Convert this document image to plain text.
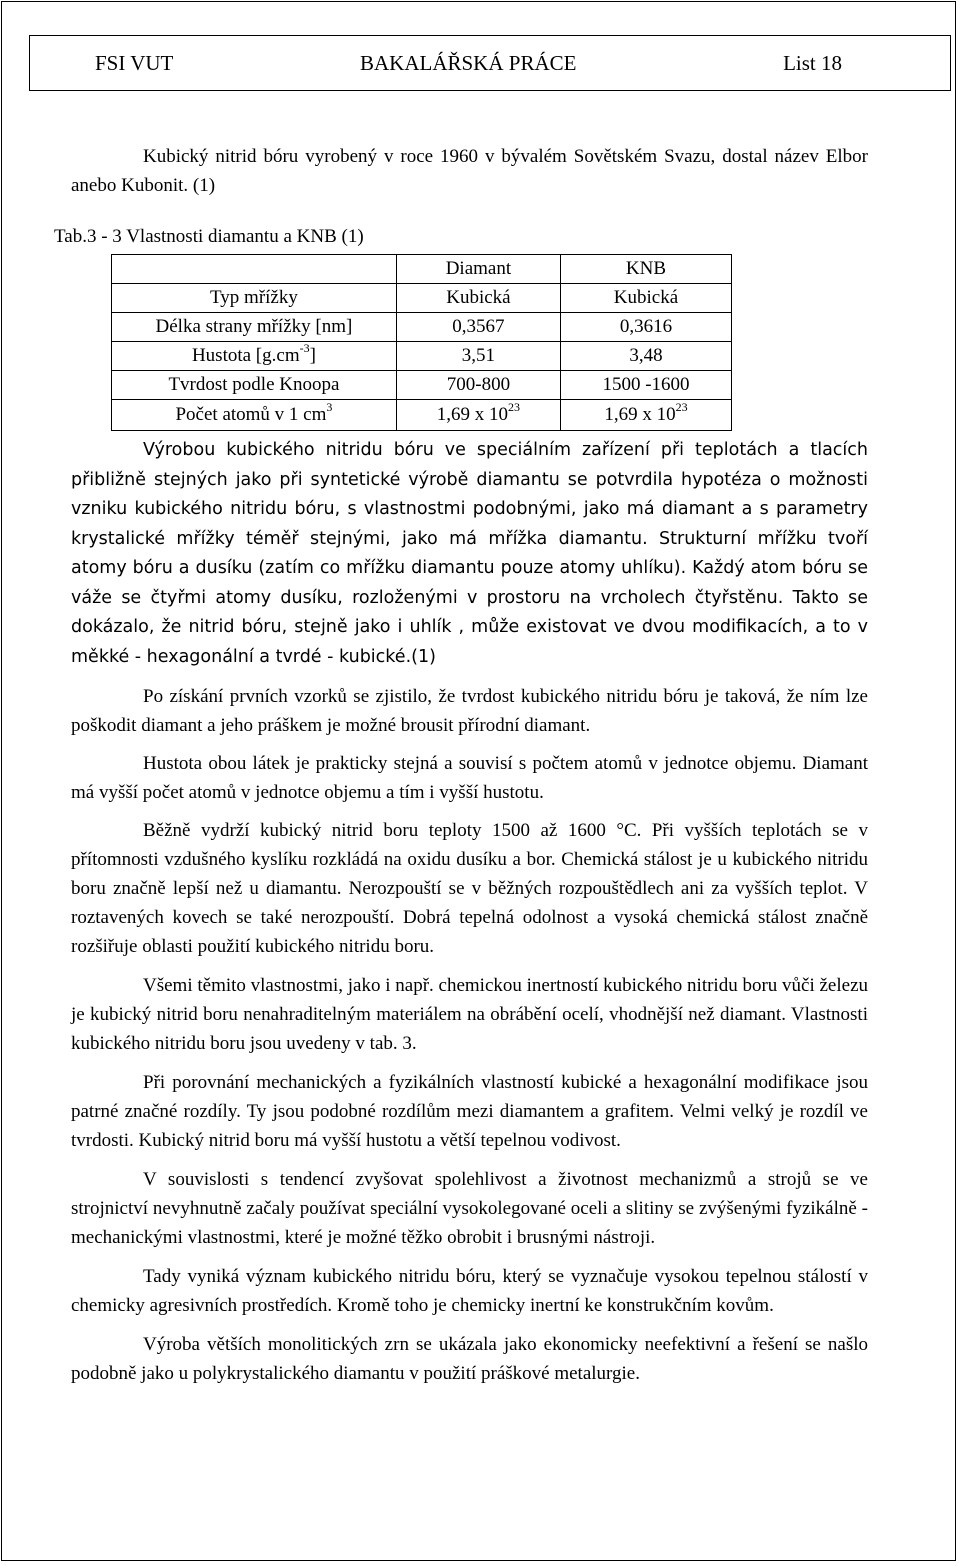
FSI VUT	BAKALÁŘSKÁ PRÁCE	List 18

Kubický nitrid bóru vyrobený v roce 1960 v bývalém Sovětském Svazu, dostal název Elbor anebo Kubonit. (1)

Tab.3 - 3 Vlastnosti diamantu a KNB (1)
	Diamant	KNB
Typ mřížky	Kubická	Kubická
Délka strany mřížky [nm]	0,3567	0,3616
Hustota $[g.cm^{-3}]$	3,51	3,48
Tvrdost podle Knoopa	700-800	1500 -1600
Počet atomů v 1 $cm^3$	1,69 x $10^{23}$	1,69 x $10^{23}$

Výrobou kubického nitridu bóru ve speciálním zařízení při teplotách a tlacích přibližně stejných jako při syntetické výrobě diamantu se potvrdila hypotéza o možnosti vzniku kubického nitridu bóru, s vlastnostmi podobnými, jako má diamant a s parametry krystalické mřížky téměř stejnými, jako má mřížka diamantu. Strukturní mřížku tvoří atomy bóru a dusíku (zatím co mřížku diamantu pouze atomy uhlíku). Každý atom bóru se váže se čtyřmi atomy dusíku, rozloženými v prostoru na vrcholech čtyřstěnu. Takto se dokázalo, že nitrid bóru, stejně jako i uhlík , může existovat ve dvou modifikacích, a to v měkké - hexagonální a tvrdé - kubické.(1)

Po získání prvních vzorků se zjistilo, že tvrdost kubického nitridu bóru je taková, že ním lze poškodit diamant a jeho práškem je možné brousit přírodní diamant.

Hustota obou látek je prakticky stejná a souvisí s počtem atomů v jednotce objemu. Diamant má vyšší počet atomů v jednotce objemu a tím i vyšší hustotu.

Běžně vydrží kubický nitrid boru teploty 1500 až 1600 °C. Při vyšších teplotách se v přítomnosti vzdušného kyslíku rozkládá na oxidu dusíku a bor. Chemická stálost je u kubického nitridu boru značně lepší než u diamantu. Nerozpouští se v běžných rozpouštědlech ani za vyšších teplot. V roztavených kovech se také nerozpouští. Dobrá tepelná odolnost a vysoká chemická stálost značně rozšiřuje oblasti použití kubického nitridu boru.

Všemi těmito vlastnostmi, jako i např. chemickou inertností kubického nitridu boru vůči železu je kubický nitrid boru nenahraditelným materiálem na obrábění ocelí, vhodnější než diamant. Vlastnosti kubického nitridu boru jsou uvedeny v tab. 3.

Při porovnání mechanických a fyzikálních vlastností kubické a hexagonální modifikace jsou patrné značné rozdíly. Ty jsou podobné rozdílům mezi diamantem a grafitem. Velmi velký je rozdíl ve tvrdosti. Kubický nitrid boru má vyšší hustotu a větší tepelnou vodivost.

V souvislosti s tendencí zvyšovat spolehlivost a životnost mechanizmů a strojů se ve strojnictví nevyhnutně začaly používat speciální vysokolegované oceli a slitiny se zvýšenými fyzikálně - mechanickými vlastnostmi, které je možné těžko obrobit i brusnými nástroji.

Tady vyniká význam kubického nitridu bóru, který se vyznačuje vysokou tepelnou stálostí v chemicky agresivních prostředích. Kromě toho je chemicky inertní ke konstrukčním kovům.

Výroba větších monolitických zrn se ukázala jako ekonomicky neefektivní a řešení se našlo podobně jako u polykrystalického diamantu v použití práškové metalurgie.
